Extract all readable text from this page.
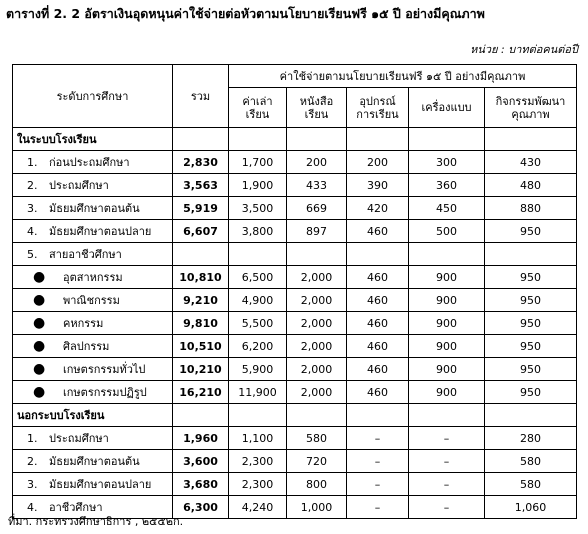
ตารางที่ 2. 2 อัตราเงินอุดหนุนค่าใช้จ่ายต่อหัวตามนโยบายเรียนฟรี ๑๕ ปี อย่างมีคุณภาพ
หน่วย : บาทต่อคนต่อปี
ระดับการศึกษา	รวม	ค่าใช้จ่ายตามนโยบายเรียนฟรี ๑๕ ปี อย่างมีคุณภาพ				
		ค่าเล่าเรียน	หนังสือเรียน	อุปกรณ์การเรียน	เครื่องแบบ	กิจกรรมพัฒนาคุณภาพ
ในระบบโรงเรียน						
1. ก่อนประถมศึกษา	2,830	1,700	200	200	300	430
2. ประถมศึกษา	3,563	1,900	433	390	360	480
3. มัธยมศึกษาตอนต้น	5,919	3,500	669	420	450	880
4. มัธยมศึกษาตอนปลาย	6,607	3,800	897	460	500	950
5. สายอาชีวศึกษา						
● อุตสาหกรรม	10,810	6,500	2,000	460	900	950
● พาณิชกรรม	9,210	4,900	2,000	460	900	950
● คหกรรม	9,810	5,500	2,000	460	900	950
● ศิลปกรรม	10,510	6,200	2,000	460	900	950
● เกษตรกรรมทั่วไป	10,210	5,900	2,000	460	900	950
● เกษตรกรรมปฏิรูป	16,210	11,900	2,000	460	900	950
นอกระบบโรงเรียน						
1. ประถมศึกษา	1,960	1,100	580	–	–	280
2. มัธยมศึกษาตอนต้น	3,600	2,300	720	–	–	580
3. มัธยมศึกษาตอนปลาย	3,680	2,300	800	–	–	580
4. อาชีวศึกษา	6,300	4,240	1,000	–	–	1,060
ที่มา. กระทรวงศึกษาธิการ , ๒๕๕๒ก.
